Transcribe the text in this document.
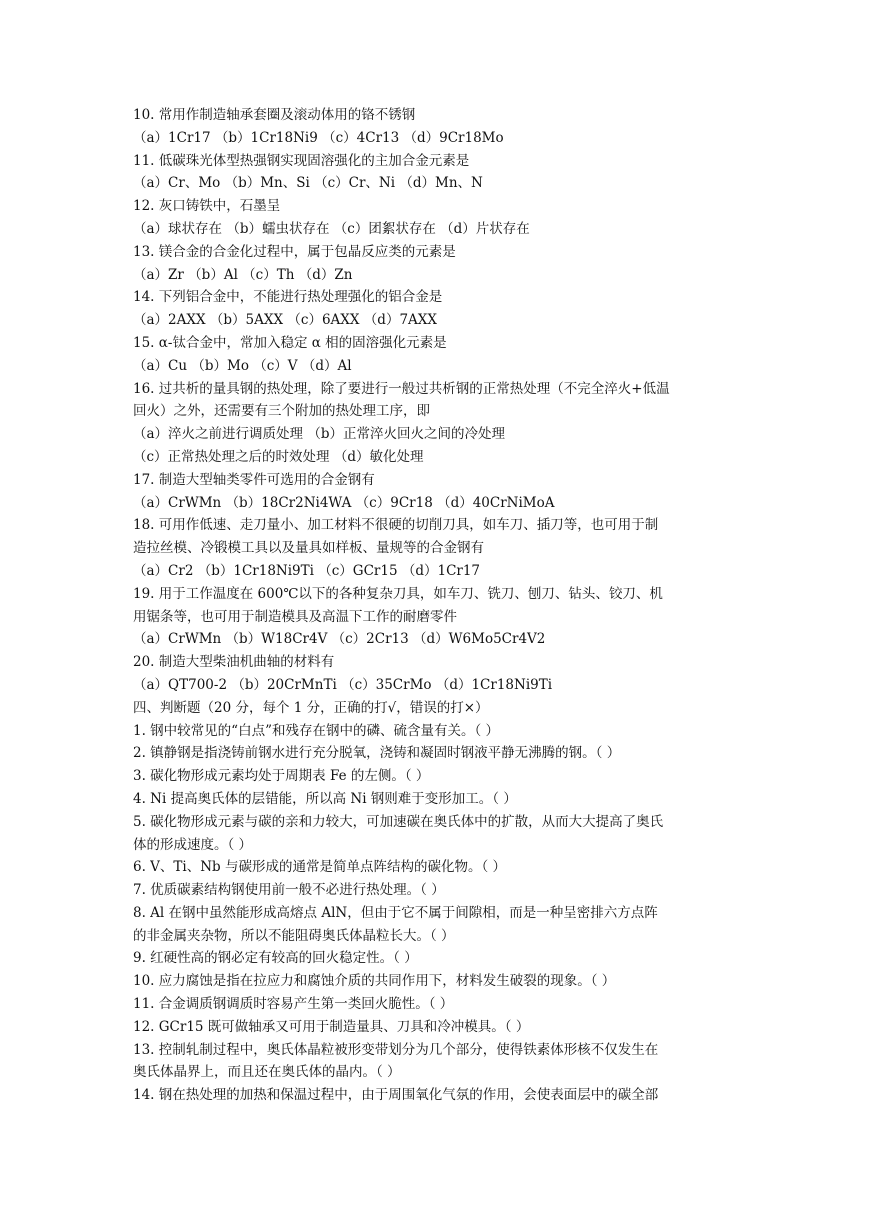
10. 常用作制造轴承套圈及滚动体用的铬不锈钢
（a）1Cr17 （b）1Cr18Ni9 （c）4Cr13 （d）9Cr18Mo
11. 低碳珠光体型热强钢实现固溶强化的主加合金元素是
（a）Cr、Mo （b）Mn、Si （c）Cr、Ni （d）Mn、N
12. 灰口铸铁中，石墨呈
（a）球状存在 （b）蠕虫状存在 （c）团絮状存在 （d）片状存在
13. 镁合金的合金化过程中，属于包晶反应类的元素是
（a）Zr （b）Al （c）Th （d）Zn
14. 下列铝合金中，不能进行热处理强化的铝合金是
（a）2AXX （b）5AXX （c）6AXX （d）7AXX
15. α-钛合金中，常加入稳定 α 相的固溶强化元素是
（a）Cu （b）Mo （c）V （d）Al
16. 过共析的量具钢的热处理，除了要进行一般过共析钢的正常热处理（不完全淬火+低温
回火）之外，还需要有三个附加的热处理工序，即
（a）淬火之前进行调质处理 （b）正常淬火回火之间的冷处理
（c）正常热处理之后的时效处理 （d）敏化处理
17. 制造大型轴类零件可选用的合金钢有
（a）CrWMn （b）18Cr2Ni4WA （c）9Cr18 （d）40CrNiMoA
18. 可用作低速、走刀量小、加工材料不很硬的切削刀具，如车刀、插刀等，也可用于制
造拉丝模、冷锻模工具以及量具如样板、量规等的合金钢有
（a）Cr2 （b）1Cr18Ni9Ti （c）GCr15 （d）1Cr17
19. 用于工作温度在 600℃以下的各种复杂刀具，如车刀、铣刀、刨刀、钻头、铰刀、机
用锯条等，也可用于制造模具及高温下工作的耐磨零件
（a）CrWMn （b）W18Cr4V （c）2Cr13 （d）W6Mo5Cr4V2
20. 制造大型柴油机曲轴的材料有
（a）QT700-2 （b）20CrMnTi （c）35CrMo （d）1Cr18Ni9Ti
四、判断题（20 分，每个 1 分，正确的打√，错误的打×）
1. 钢中较常见的“白点”和残存在钢中的磷、硫含量有关。（ ）
2. 镇静钢是指浇铸前钢水进行充分脱氧，浇铸和凝固时钢液平静无沸腾的钢。（ ）
3. 碳化物形成元素均处于周期表 Fe 的左侧。（ ）
4. Ni 提高奥氏体的层错能，所以高 Ni 钢则难于变形加工。（ ）
5. 碳化物形成元素与碳的亲和力较大，可加速碳在奥氏体中的扩散，从而大大提高了奥氏
体的形成速度。（ ）
6. V、Ti、Nb 与碳形成的通常是简单点阵结构的碳化物。（ ）
7. 优质碳素结构钢使用前一般不必进行热处理。（ ）
8. Al 在钢中虽然能形成高熔点 AlN，但由于它不属于间隙相，而是一种呈密排六方点阵
的非金属夹杂物，所以不能阻碍奥氏体晶粒长大。（ ）
9. 红硬性高的钢必定有较高的回火稳定性。（ ）
10. 应力腐蚀是指在拉应力和腐蚀介质的共同作用下，材料发生破裂的现象。（ ）
11. 合金调质钢调质时容易产生第一类回火脆性。（ ）
12. GCr15 既可做轴承又可用于制造量具、刀具和冷冲模具。（ ）
13. 控制轧制过程中，奥氏体晶粒被形变带划分为几个部分，使得铁素体形核不仅发生在
奥氏体晶界上，而且还在奥氏体的晶内。（ ）
14. 钢在热处理的加热和保温过程中，由于周围氧化气氛的作用，会使表面层中的碳全部
